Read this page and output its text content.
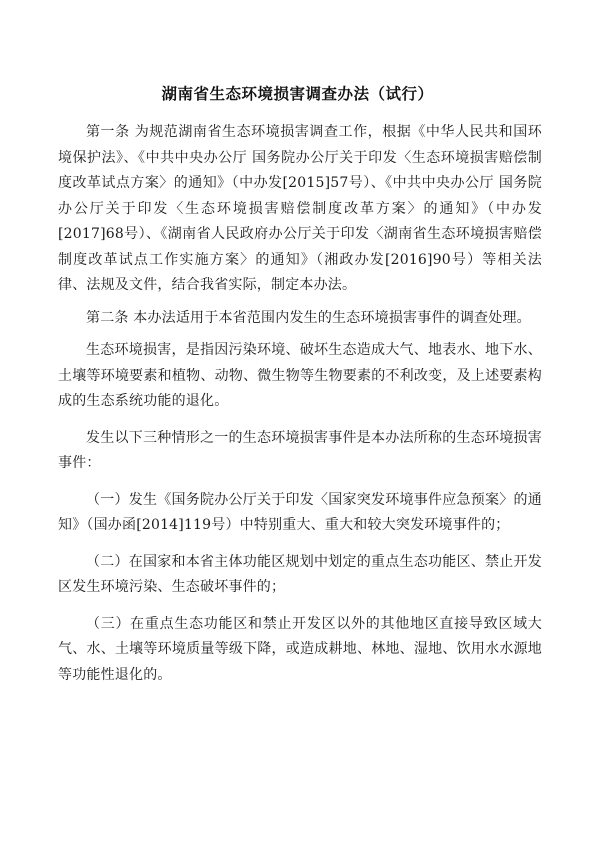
湖南省生态环境损害调查办法（试行）

第一条 为规范湖南省生态环境损害调查工作，根据《中华人民共和国环境保护法》、《中共中央办公厅 国务院办公厅关于印发〈生态环境损害赔偿制度改革试点方案〉的通知》（中办发[2015]57号）、《中共中央办公厅 国务院办公厅关于印发〈生态环境损害赔偿制度改革方案〉的通知》（中办发[2017]68号）、《湖南省人民政府办公厅关于印发〈湖南省生态环境损害赔偿制度改革试点工作实施方案〉的通知》（湘政办发[2016]90号）等相关法律、法规及文件，结合我省实际，制定本办法。

第二条 本办法适用于本省范围内发生的生态环境损害事件的调查处理。

生态环境损害，是指因污染环境、破坏生态造成大气、地表水、地下水、土壤等环境要素和植物、动物、微生物等生物要素的不利改变，及上述要素构成的生态系统功能的退化。

发生以下三种情形之一的生态环境损害事件是本办法所称的生态环境损害事件：

（一）发生《国务院办公厅关于印发〈国家突发环境事件应急预案〉的通知》（国办函[2014]119号）中特别重大、重大和较大突发环境事件的；

（二）在国家和本省主体功能区规划中划定的重点生态功能区、禁止开发区发生环境污染、生态破坏事件的；

（三）在重点生态功能区和禁止开发区以外的其他地区直接导致区域大气、水、土壤等环境质量等级下降，或造成耕地、林地、湿地、饮用水水源地等功能性退化的。
